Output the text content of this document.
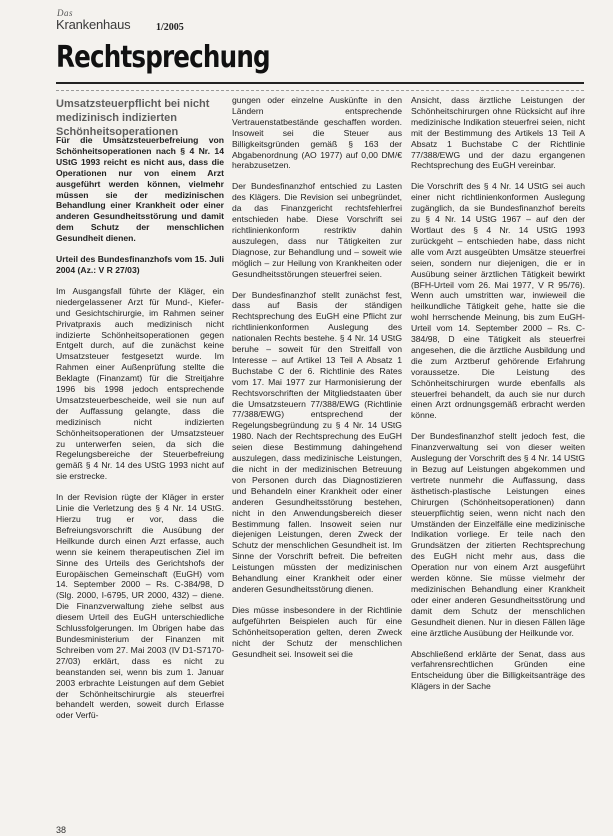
Das
Krankenhaus	1/2005
Rechtsprechung
Umsatzsteuerpflicht bei nicht medizinisch indizierten Schönheitsoperationen

Für die Umsatzsteuerbefreiung von Schönheitsoperationen nach § 4 Nr. 14 UStG 1993 reicht es nicht aus, dass die Operationen nur von einem Arzt ausgeführt werden können, vielmehr müssen sie der medizinischen Behandlung einer Krankheit oder einer anderen Gesundheitsstörung und damit dem Schutz der menschlichen Gesundheit dienen.

Urteil des Bundesfinanzhofs vom 15. Juli 2004 (Az.: V R 27/03)

Im Ausgangsfall führte der Kläger, ein niedergelassener Arzt für Mund-, Kiefer- und Gesichtschirurgie, im Rahmen seiner Privatpraxis auch medizinisch nicht indizierte Schönheitsoperationen gegen Entgelt durch, auf die zunächst keine Umsatzsteuer festgesetzt wurde. Im Rahmen einer Außenprüfung stellte die Beklagte (Finanzamt) für die Streitjahre 1996 bis 1998 jedoch entsprechende Umsatzsteuerbescheide, weil sie nun auf der Auffassung gelangte, dass die medizinisch nicht indizierten Schönheitsoperationen der Umsatzsteuer zu unterwerfen seien, da sich die Regelungsbereiche der Steuerbefreiung gemäß § 4 Nr. 14 des UStG 1993 nicht auf sie erstrecke.

In der Revision rügte der Kläger in erster Linie die Verletzung des § 4 Nr. 14 UStG. Hierzu trug er vor, dass die Befreiungsvorschrift die Ausübung der Heilkunde durch einen Arzt erfasse, auch wenn sie keinem therapeutischen Ziel im Sinne des Urteils des Gerichtshofs der Europäischen Gemeinschaft (EuGH) vom 14. September 2000 – Rs. C-384/98, D (Slg. 2000, I-6795, UR 2000, 432) – diene. Die Finanzverwaltung ziehe selbst aus diesem Urteil des EuGH unterschiedliche Schlussfolgerungen. Im Übrigen habe das Bundesministerium der Finanzen mit Schreiben vom 27. Mai 2003 (IV D1-S7170-27/03) erklärt, dass es nicht zu beanstanden sei, wenn bis zum 1. Januar 2003 erbrachte Leistungen auf dem Gebiet der Schönheitschirurgie als steuerfrei behandelt werden, soweit durch Erlasse oder Verfü-

gungen oder einzelne Auskünfte in den Ländern entsprechende Vertrauenstatbestände geschaffen worden. Insoweit sei die Steuer aus Billigkeitsgründen gemäß § 163 der Abgabenordnung (AO 1977) auf 0,00 DM/€ herabzusetzen.

Der Bundesfinanzhof entschied zu Lasten des Klägers. Die Revision sei unbegründet, da das Finanzgericht rechtsfehlerfrei entschieden habe. Diese Vorschrift sei richtlinienkonform restriktiv dahin auszulegen, dass nur Tätigkeiten zur Diagnose, zur Behandlung und – soweit wie möglich – zur Heilung von Krankheiten oder Gesundheitsstörungen steuerfrei seien.

Der Bundesfinanzhof stellt zunächst fest, dass auf Basis der ständigen Rechtsprechung des EuGH eine Pflicht zur richtlinienkonformen Auslegung des nationalen Rechts bestehe. § 4 Nr. 14 UStG beruhe – soweit für den Streitfall von Interesse – auf Artikel 13 Teil A Absatz 1 Buchstabe C der 6. Richtlinie des Rates vom 17. Mai 1977 zur Harmonisierung der Rechtsvorschriften der Mitgliedstaaten über die Umsatzsteuern 77/388/EWG (Richtlinie 77/388/EWG) entsprechend der Regelungsbegründung zu § 4 Nr. 14 UStG 1980. Nach der Rechtsprechung des EuGH seien diese Bestimmung dahingehend auszulegen, dass medizinische Leistungen, die nicht in der medizinischen Betreuung von Personen durch das Diagnostizieren und Behandeln einer Krankheit oder einer anderen Gesundheitsstörung bestehen, nicht in den Anwendungsbereich dieser Bestimmung fallen. Insoweit seien nur diejenigen Leistungen, deren Zweck der Schutz der menschlichen Gesundheit ist. Im Sinne der Vorschrift befreit. Die befreiten Leistungen müssten der medizinischen Behandlung einer Krankheit oder einer anderen Gesundheitsstörung dienen.

Dies müsse insbesondere in der Richtlinie aufgeführten Beispielen auch für eine Schönheitsoperation gelten, deren Zweck nicht der Schutz der menschlichen Gesundheit sei. Insoweit sei die

Ansicht, dass ärztliche Leistungen der Schönheitschirurgen ohne Rücksicht auf ihre medizinische Indikation steuerfrei seien, nicht mit der Bestimmung des Artikels 13 Teil A Absatz 1 Buchstabe C der Richtlinie 77/388/EWG und der dazu ergangenen Rechtsprechung des EuGH vereinbar.

Die Vorschrift des § 4 Nr. 14 UStG sei auch einer nicht richtlinienkonformen Auslegung zugänglich, da sie Bundesfinanzhof bereits zu § 4 Nr. 14 UStG 1967 – auf den der Wortlaut des § 4 Nr. 14 UStG 1993 zurückgeht – entschieden habe, dass nicht alle vom Arzt ausgeübten Umsätze steuerfrei seien, sondern nur diejenigen, die er in Ausübung seiner ärztlichen Tätigkeit bewirkt (BFH-Urteil vom 26. Mai 1977, V R 95/76). Wenn auch umstritten war, inwieweil die heilkundliche Tätigkeit gehe, hatte sie die wohl herrschende Meinung, bis zum EuGH-Urteil vom 14. September 2000 – Rs. C-384/98, D eine Tätigkeit als steuerfrei angesehen, die die ärztliche Ausbildung und die zum Arztberuf gehörende Erfahrung voraussetze. Die Leistung des Schönheitschirurgen wurde ebenfalls als steuerfrei behandelt, da auch sie nur durch einen Arzt ordnungsgemäß erbracht werden könne.

Der Bundesfinanzhof stellt jedoch fest, die Finanzverwaltung sei von dieser weiten Auslegung der Vorschrift des § 4 Nr. 14 UStG in Bezug auf Leistungen abgekommen und vertrete nunmehr die Auffassung, dass ästhetisch-plastische Leistungen eines Chirurgen (Schönheitsoperationen) dann steuerpflichtig seien, wenn nicht nach den Umständen der Einzelfälle eine medizinische Indikation vorliege. Er teile nach den Grundsätzen der zitierten Rechtsprechung des EuGH nicht mehr aus, dass die Operation nur von einem Arzt ausgeführt werden könne. Sie müsse vielmehr der medizinischen Behandlung einer Krankheit oder einer anderen Gesundheitsstörung und damit dem Schutz der menschlichen Gesundheit dienen. Nur in diesen Fällen läge eine ärztliche Ausübung der Heilkunde vor.

Abschließend erklärte der Senat, dass aus verfahrensrechtlichen Gründen eine Entscheidung über die Billigkeitsanträge des Klägers in der Sache

38
